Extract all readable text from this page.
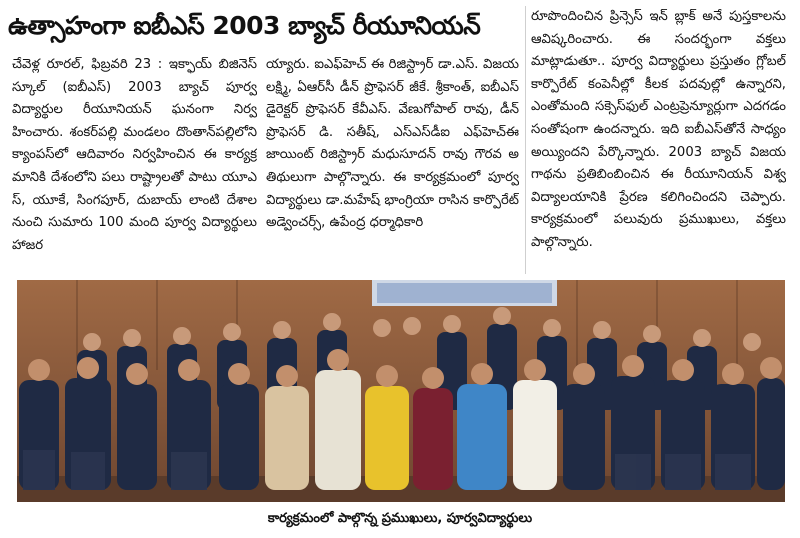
ఉత్సాహంగా ఐబీఎస్ 2003 బ్యాచ్ రీయూనియన్
చేవెళ్ల రూరల్, ఫిబ్రవరి 23 : ఇక్ఫాయ్ బిజినెస్ స్కూల్ (ఐబీఎస్) 2003 బ్యాచ్ పూర్వ విద్యార్థుల రీయూనియన్ ఘనంగా నిర్వహించారు. శంకర్‌పల్లి మండలం దొంతాన్‌పల్లిలోని క్యాంపస్‌లో ఆదివారం నిర్వహించిన ఈ కార్యక్రమానికి దేశంలోని పలు రాష్ట్రాలతో పాటు యూఎస్, యూకే, సింగపూర్, దుబాయ్ లాంటి దేశాల నుంచి సుమారు 100 మంది పూర్వ విద్యార్థులు హాజర
య్యారు. ఐఎఫ్‌హెచ్ ఈ రిజిస్ట్రార్ డా.ఎస్. విజయలక్ష్మి, ఏఆర్‌సీ డీన్ ప్రొఫెసర్ జీకే. శ్రీకాంత్, ఐబీఎస్ డైరెక్టర్ ప్రొఫెసర్ కేవీఎస్. వేణుగోపాల్ రావు, డీన్ ప్రొఫెసర్ డి. సతీష్, ఎస్ఎస్‌డీఐ ఎఫ్‌హెచ్‌ఈ జాయింట్ రిజిస్ట్రార్ మధుసూదన్ రావు గౌరవ అతిథులుగా పాల్గొన్నారు. ఈ కార్యక్రమంలో పూర్వ విద్యార్థులు డా.మహేష్ భాంగ్రియా రాసిన కార్పొరేట్ అడ్వెంచర్స్, ఉపేంద్ర ధర్మాధికారి
రూపొందించిన ప్రిన్సెస్ ఇన్ బ్లాక్ అనే పుస్తకాలను ఆవిష్కరించారు. ఈ సందర్భంగా వక్తలు మాట్లాడుతూ.. పూర్వ విద్యార్థులు ప్రస్తుతం గ్లోబల్ కార్పొరేట్ కంపెనీల్లో కీలక పదవుల్లో ఉన్నారని, ఎంతోమంది సక్సెస్‌ఫుల్ ఎంట్రప్రెన్యూర్లుగా ఎదగడం సంతోషంగా ఉందన్నారు. ఇది ఐబీఎస్‌తోనే సాధ్యం అయ్యిందని పేర్కొన్నారు. 2003 బ్యాచ్ విజయగాథను ప్రతిబింబించిన ఈ రీయూనియన్ విశ్వవిద్యాలయానికి ప్రేరణ కలిగించిందని చెప్పారు. కార్యక్రమంలో పలువురు ప్రముఖులు, వక్తలు పాల్గొన్నారు.
కార్యక్రమంలో పాల్గొన్న ప్రముఖులు, పూర్వవిద్యార్థులు
